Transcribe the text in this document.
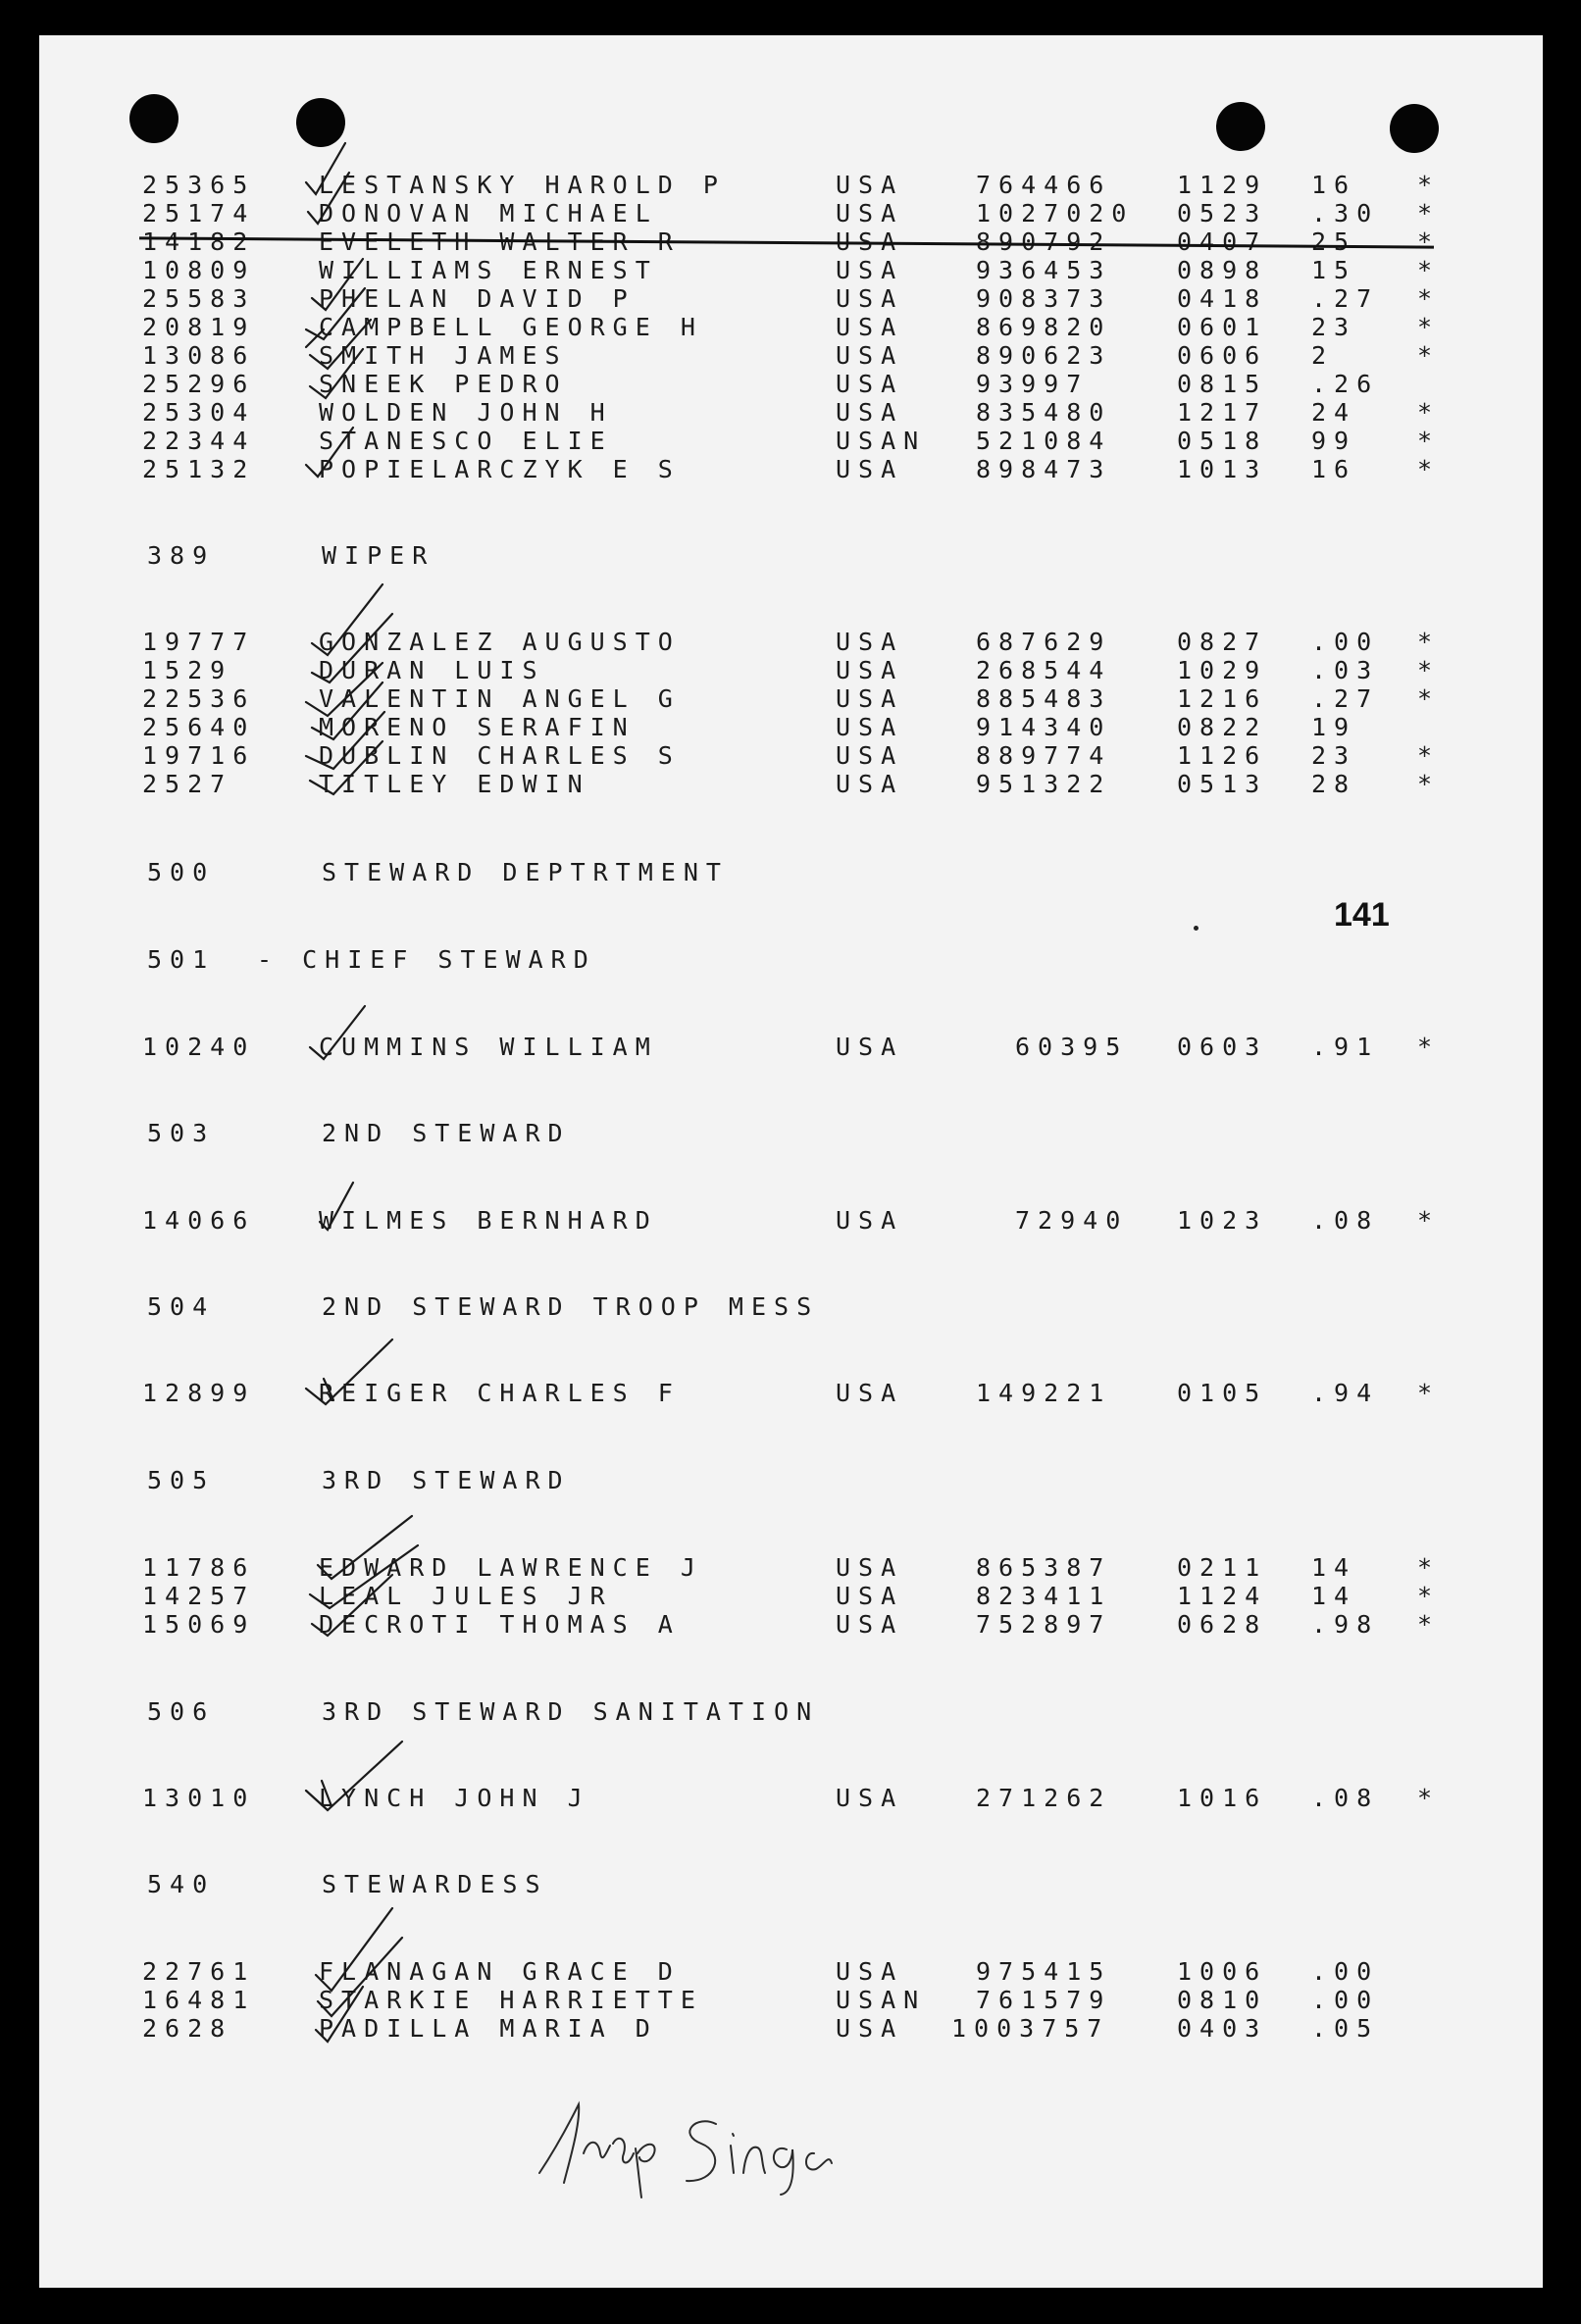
25365	LESTANSKY HAROLD P	USA	764466	1129 16 *
25174	DONOVAN MICHAEL	USA	1027020 0523 .30 *
14182	EVELETH WALTER R	USA	890792	0407 25 *
10809	WILLIAMS ERNEST	USA	936453	0898 15 *
25583	PHELAN DAVID P	USA	908373	0418 .27 *
20819	CAMPBELL GEORGE H	USA	869820	0601 23 *
13086	SMITH JAMES	USA	890623	0606 2	*
25296	SNEEK PEDRO	USA	93997	0815 .26
25304	WOLDEN JOHN H	USA	835480	1217 24 *
22344	STANESCO ELIE	USAN 521084	0518 99 *
25132	POPIELARCZYK E S	USA	898473	1013 16 *
389	WIPER
19777	GONZALEZ AUGUSTO	USA	687629	0827 .00 *
1529	DURAN LUIS	USA	268544	1029 .03 *
22536	VALENTIN ANGEL G	USA	885483	1216 .27 *
25640	MORENO SERAFIN	USA	914340	0822 19
19716	DUBLIN CHARLES S	USA	889774	1126 23 *
2527	TITLEY EDWIN	USA	951322	0513 28 *
500	STEWARD DEPTRTMENT
141
501 - CHIEF STEWARD
10240	CUMMINS WILLIAM	USA	60395 0603 .91 *
503	2ND STEWARD
14066	WILMES BERNHARD	USA	72940 1023 .08 *
504	2ND STEWARD TROOP MESS
12899	REIGER CHARLES F	USA	149221	0105 .94 *
505	3RD STEWARD
11786	EDWARD LAWRENCE J	USA	865387	0211 14 *
14257	LEAL JULES JR	USA	823411	1124 14 *
15069	DECROTI THOMAS A	USA	752897	0628 .98 *
506	3RD STEWARD SANITATION
13010	LYNCH JOHN J	USA	271262	1016 .08 *
540	STEWARDESS
22761	FLANAGAN GRACE D	USA	975415	1006 .00
16481	STARKIE HARRIETTE	USAN 761579	0810 .00
2628	PADILLA MARIA D	USA 1003757	0403 .05
